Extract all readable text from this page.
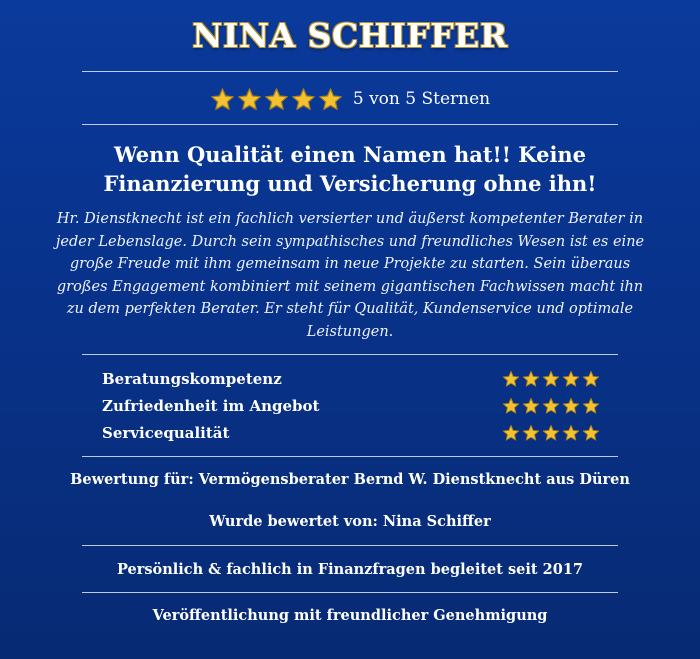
NINA SCHIFFER
5 von 5 Sternen
Wenn Qualität einen Namen hat!! Keine Finanzierung und Versicherung ohne ihn!
Hr. Dienstknecht ist ein fachlich versierter und äußerst kompetenter Berater in jeder Lebenslage. Durch sein sympathisches und freundliches Wesen ist es eine große Freude mit ihm gemeinsam in neue Projekte zu starten. Sein überaus großes Engagement kombiniert mit seinem gigantischen Fachwissen macht ihn zu dem perfekten Berater. Er steht für Qualität, Kundenservice und optimale Leistungen.
Beratungskompetenz
Zufriedenheit im Angebot
Servicequalität
Bewertung für: Vermögensberater Bernd W. Dienstknecht aus Düren
Wurde bewertet von: Nina Schiffer
Persönlich & fachlich in Finanzfragen begleitet seit 2017
Veröffentlichung mit freundlicher Genehmigung
